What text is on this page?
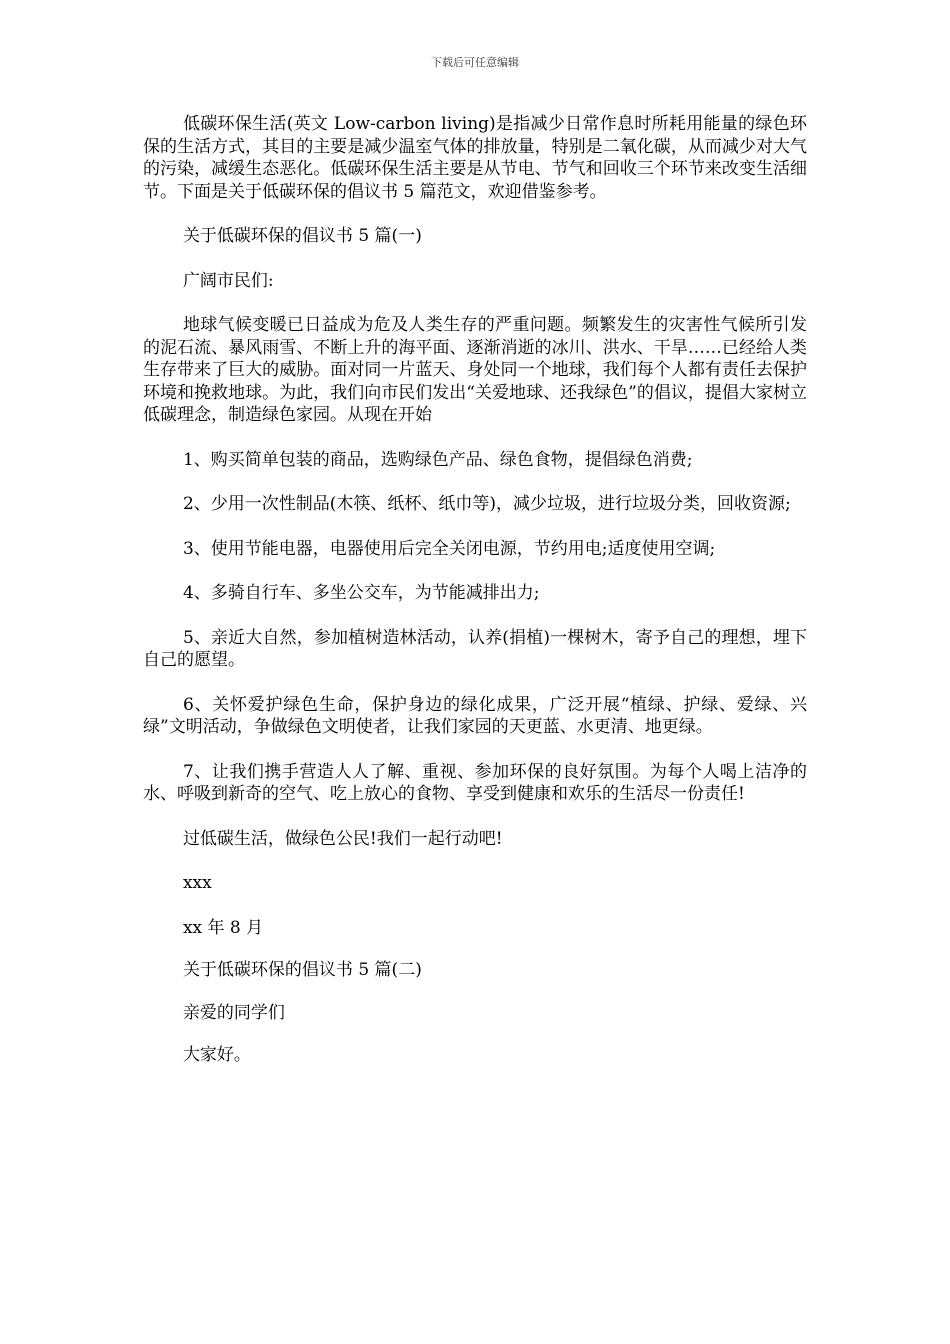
下载后可任意编辑

低碳环保生活(英文 Low-carbon living)是指减少日常作息时所耗用能量的绿色环保的生活方式，其目的主要是减少温室气体的排放量，特别是二氧化碳，从而减少对大气的污染，减缓生态恶化。低碳环保生活主要是从节电、节气和回收三个环节来改变生活细节。下面是关于低碳环保的倡议书 5 篇范文，欢迎借鉴参考。

关于低碳环保的倡议书 5 篇(一)

广阔市民们:

地球气候变暖已日益成为危及人类生存的严重问题。频繁发生的灾害性气候所引发的泥石流、暴风雨雪、不断上升的海平面、逐渐消逝的冰川、洪水、干旱……已经给人类生存带来了巨大的威胁。面对同一片蓝天、身处同一个地球，我们每个人都有责任去保护环境和挽救地球。为此，我们向市民们发出“关爱地球、还我绿色”的倡议，提倡大家树立低碳理念，制造绿色家园。从现在开始

1、购买简单包装的商品，选购绿色产品、绿色食物，提倡绿色消费;

2、少用一次性制品(木筷、纸杯、纸巾等)，减少垃圾，进行垃圾分类，回收资源;

3、使用节能电器，电器使用后完全关闭电源，节约用电;适度使用空调;

4、多骑自行车、多坐公交车，为节能减排出力;

5、亲近大自然，参加植树造林活动，认养(捐植)一棵树木，寄予自己的理想，埋下自己的愿望。

6、关怀爱护绿色生命，保护身边的绿化成果，广泛开展“植绿、护绿、爱绿、兴绿”文明活动，争做绿色文明使者，让我们家园的天更蓝、水更清、地更绿。

7、让我们携手营造人人了解、重视、参加环保的良好氛围。为每个人喝上洁净的水、呼吸到新奇的空气、吃上放心的食物、享受到健康和欢乐的生活尽一份责任!

过低碳生活，做绿色公民!我们一起行动吧!

xxx

xx 年 8 月

关于低碳环保的倡议书 5 篇(二)

亲爱的同学们

大家好。
